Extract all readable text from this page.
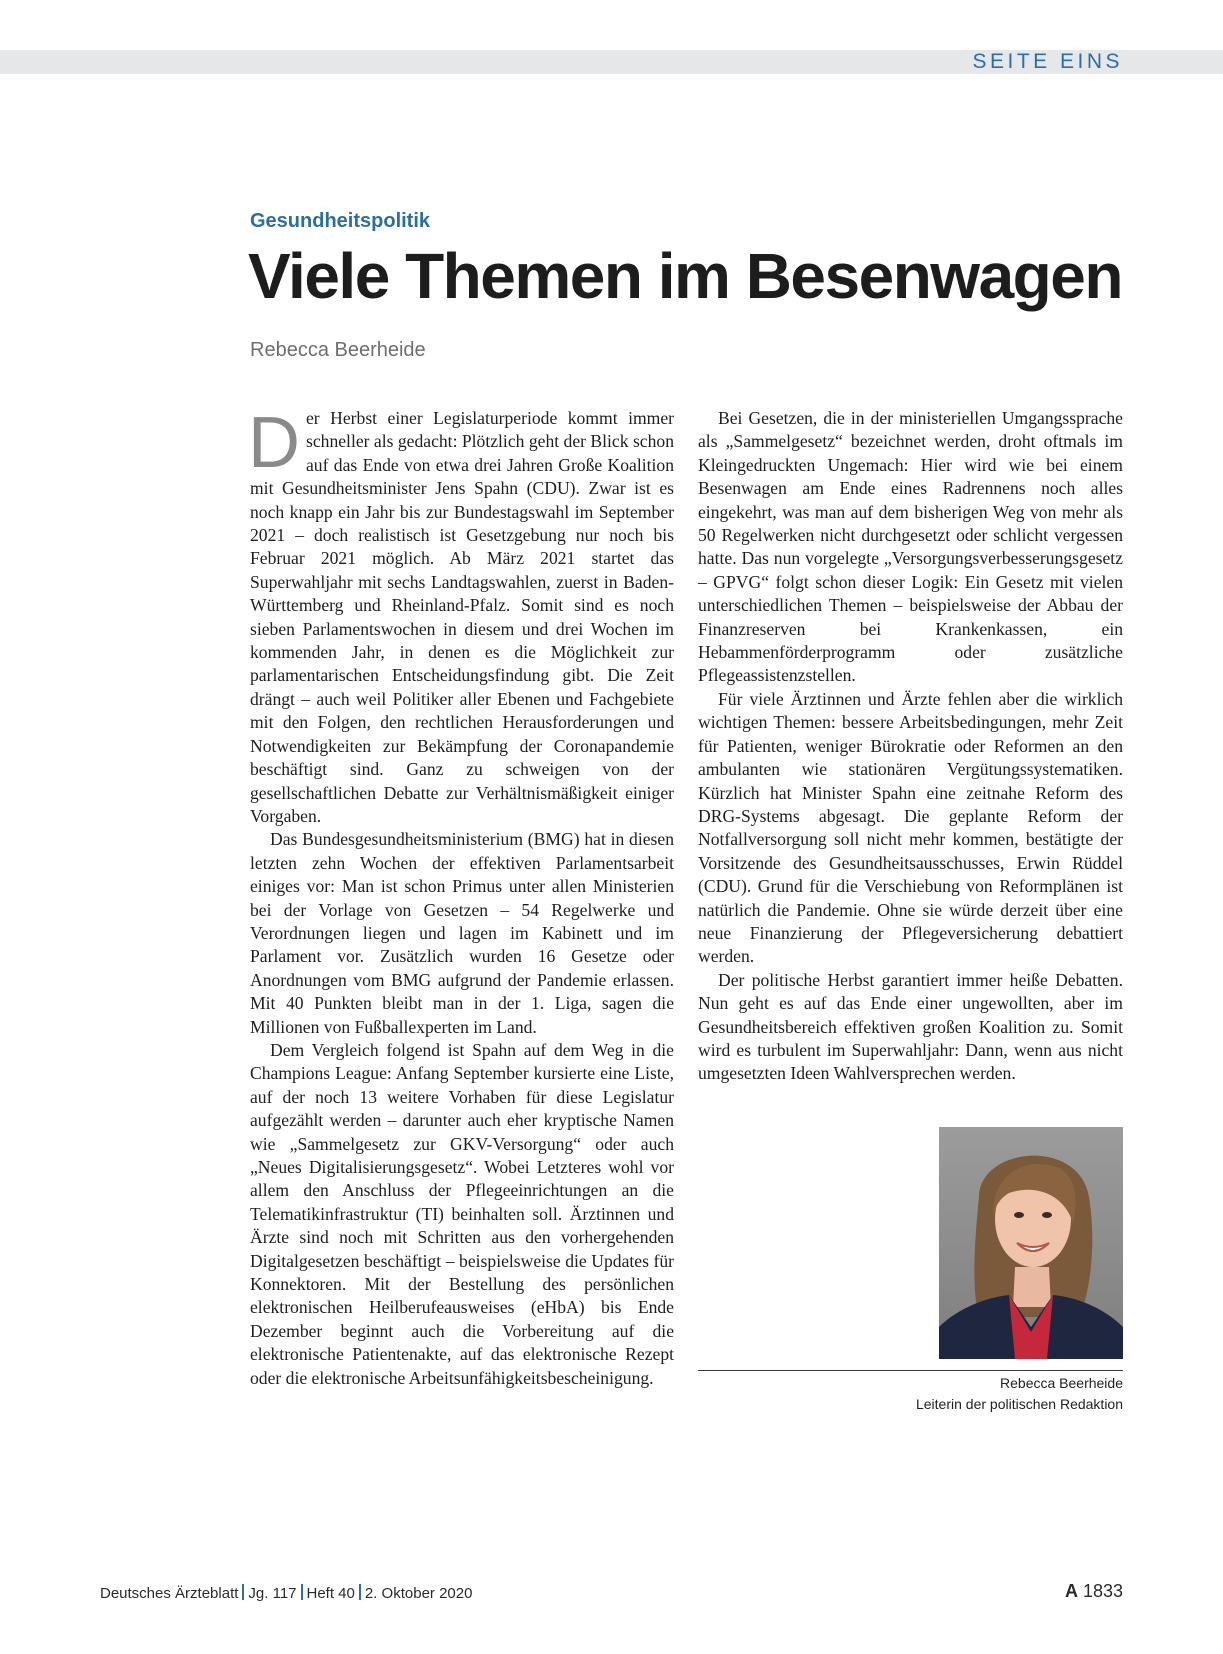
SEITE EINS
Gesundheitspolitik
Viele Themen im Besenwagen
Rebecca Beerheide

Der Herbst einer Legislaturperiode kommt immer schneller als gedacht: Plötzlich geht der Blick schon auf das Ende von etwa drei Jahren Große Koalition mit Gesundheitsminister Jens Spahn (CDU). Zwar ist es noch knapp ein Jahr bis zur Bundestagswahl im September 2021 – doch realistisch ist Gesetzgebung nur noch bis Februar 2021 möglich. Ab März 2021 startet das Superwahljahr mit sechs Landtagswahlen, zuerst in Baden-Württemberg und Rheinland-Pfalz. Somit sind es noch sieben Parlamentswochen in diesem und drei Wochen im kommenden Jahr, in denen es die Möglichkeit zur parlamentarischen Entscheidungsfindung gibt. Die Zeit drängt – auch weil Politiker aller Ebenen und Fachgebiete mit den Folgen, den rechtlichen Herausforderungen und Notwendigkeiten zur Bekämpfung der Coronapandemie beschäftigt sind. Ganz zu schweigen von der gesellschaftlichen Debatte zur Verhältnismäßigkeit einiger Vorgaben.

Das Bundesgesundheitsministerium (BMG) hat in diesen letzten zehn Wochen der effektiven Parlamentsarbeit einiges vor: Man ist schon Primus unter allen Ministerien bei der Vorlage von Gesetzen – 54 Regelwerke und Verordnungen liegen und lagen im Kabinett und im Parlament vor. Zusätzlich wurden 16 Gesetze oder Anordnungen vom BMG aufgrund der Pandemie erlassen. Mit 40 Punkten bleibt man in der 1. Liga, sagen die Millionen von Fußballexperten im Land.

Dem Vergleich folgend ist Spahn auf dem Weg in die Champions League: Anfang September kursierte eine Liste, auf der noch 13 weitere Vorhaben für diese Legislatur aufgezählt werden – darunter auch eher kryptische Namen wie „Sammelgesetz zur GKV-Versorgung“ oder auch „Neues Digitalisierungsgesetz“. Wobei Letzteres wohl vor allem den Anschluss der Pflegeeinrichtungen an die Telematikinfrastruktur (TI) beinhalten soll. Ärztinnen und Ärzte sind noch mit Schritten aus den vorhergehenden Digitalgesetzen beschäftigt – beispielsweise die Updates für Konnektoren. Mit der Bestellung des persönlichen elektronischen Heilberufeausweises (eHbA) bis Ende Dezember beginnt auch die Vorbereitung auf die elektronische Patientenakte, auf das elektronische Rezept oder die elektronische Arbeitsunfähigkeitsbescheinigung.

Bei Gesetzen, die in der ministeriellen Umgangssprache als „Sammelgesetz“ bezeichnet werden, droht oftmals im Kleingedruckten Ungemach: Hier wird wie bei einem Besenwagen am Ende eines Radrennens noch alles eingekehrt, was man auf dem bisherigen Weg von mehr als 50 Regelwerken nicht durchgesetzt oder schlicht vergessen hatte. Das nun vorgelegte „Versorgungsverbesserungsgesetz – GPVG“ folgt schon dieser Logik: Ein Gesetz mit vielen unterschiedlichen Themen – beispielsweise der Abbau der Finanzreserven bei Krankenkassen, ein Hebammenförderprogramm oder zusätzliche Pflegeassistenzstellen.

Für viele Ärztinnen und Ärzte fehlen aber die wirklich wichtigen Themen: bessere Arbeitsbedingungen, mehr Zeit für Patienten, weniger Bürokratie oder Reformen an den ambulanten wie stationären Vergütungssystematiken. Kürzlich hat Minister Spahn eine zeitnahe Reform des DRG-Systems abgesagt. Die geplante Reform der Notfallversorgung soll nicht mehr kommen, bestätigte der Vorsitzende des Gesundheitsausschusses, Erwin Rüddel (CDU). Grund für die Verschiebung von Reformplänen ist natürlich die Pandemie. Ohne sie würde derzeit über eine neue Finanzierung der Pflegeversicherung debattiert werden.

Der politische Herbst garantiert immer heiße Debatten. Nun geht es auf das Ende einer ungewollten, aber im Gesundheitsbereich effektiven großen Koalition zu. Somit wird es turbulent im Superwahljahr: Dann, wenn aus nicht umgesetzten Ideen Wahlversprechen werden.

Rebecca Beerheide
Leiterin der politischen Redaktion
Deutsches Ärzteblatt Jg. 117 Heft 40 2. Oktober 2020	A 1833
